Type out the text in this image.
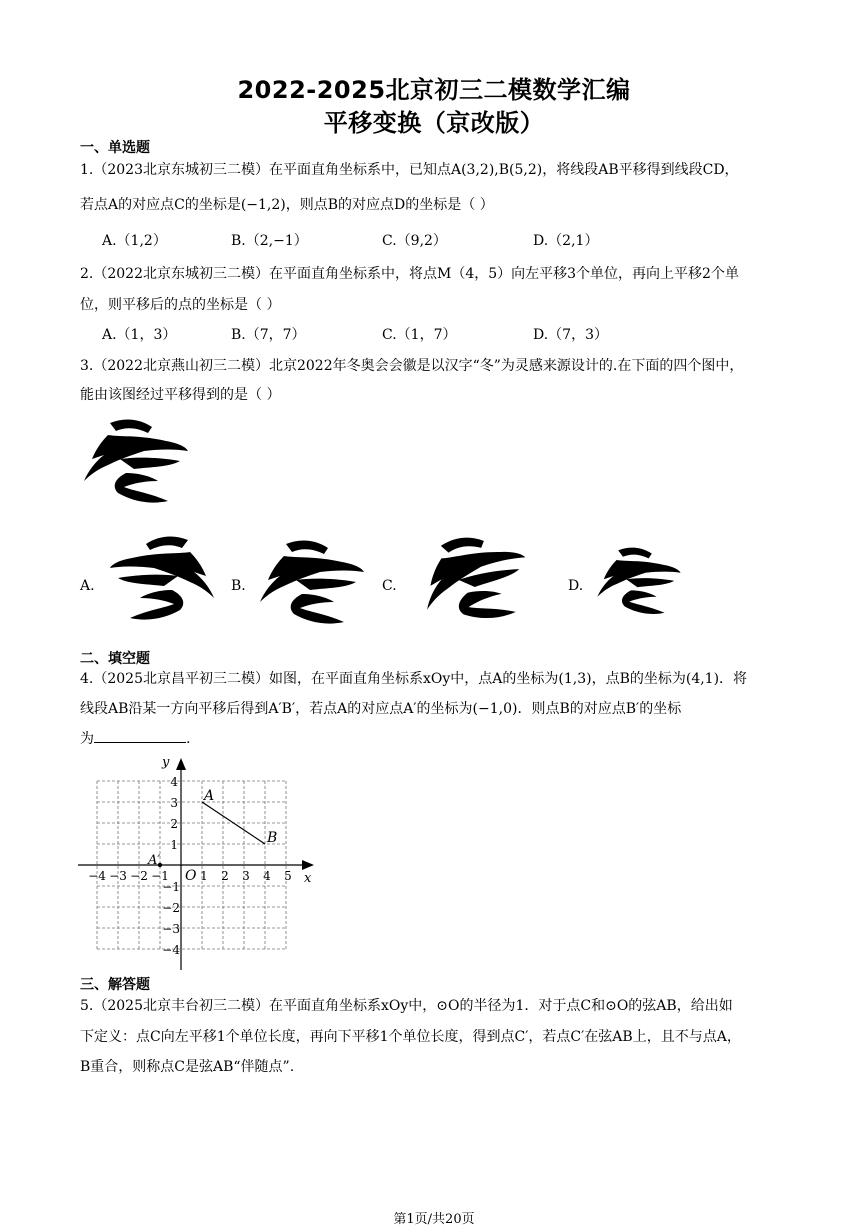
2022-2025北京初三二模数学汇编
平移变换（京改版）
一、单选题
1.（2023北京东城初三二模）在平面直角坐标系中，已知点A(3,2),B(5,2)，将线段AB平移得到线段CD，
若点A的对应点C的坐标是(−1,2)，则点B的对应点D的坐标是（ ）
A.（1,2）	B.（2,−1）	C.（9,2）	D.（2,1）
2.（2022北京东城初三二模）在平面直角坐标系中，将点M（4，5）向左平移3个单位，再向上平移2个单
位，则平移后的点的坐标是（ ）
A.（1，3）	B.（7，7）	C.（1，7）	D.（7，3）
3.（2022北京燕山初三二模）北京2022年冬奥会会徽是以汉字“冬”为灵感来源设计的.在下面的四个图中，
能由该图经过平移得到的是（ ）
A.	B.	C.	D.
二、填空题
4.（2025北京昌平初三二模）如图，在平面直角坐标系xOy中，点A的坐标为(1,3)，点B的坐标为(4,1)．将
线段AB沿某一方向平移后得到A′B′，若点A的对应点A′的坐标为(−1,0)．则点B的对应点B′的坐标
为	.
y
x
O
A
B
A′
−4 −3 −2 −1	1 2 3 4 5
1
2
3
4
−1
−2
−3
−4
三、解答题
5.（2025北京丰台初三二模）在平面直角坐标系xOy中，⊙O的半径为1．对于点C和⊙O的弦AB，给出如
下定义：点C向左平移1个单位长度，再向下平移1个单位长度，得到点C′，若点C′在弦AB上，且不与点A，
B重合，则称点C是弦AB“伴随点”.
第1页/共20页
